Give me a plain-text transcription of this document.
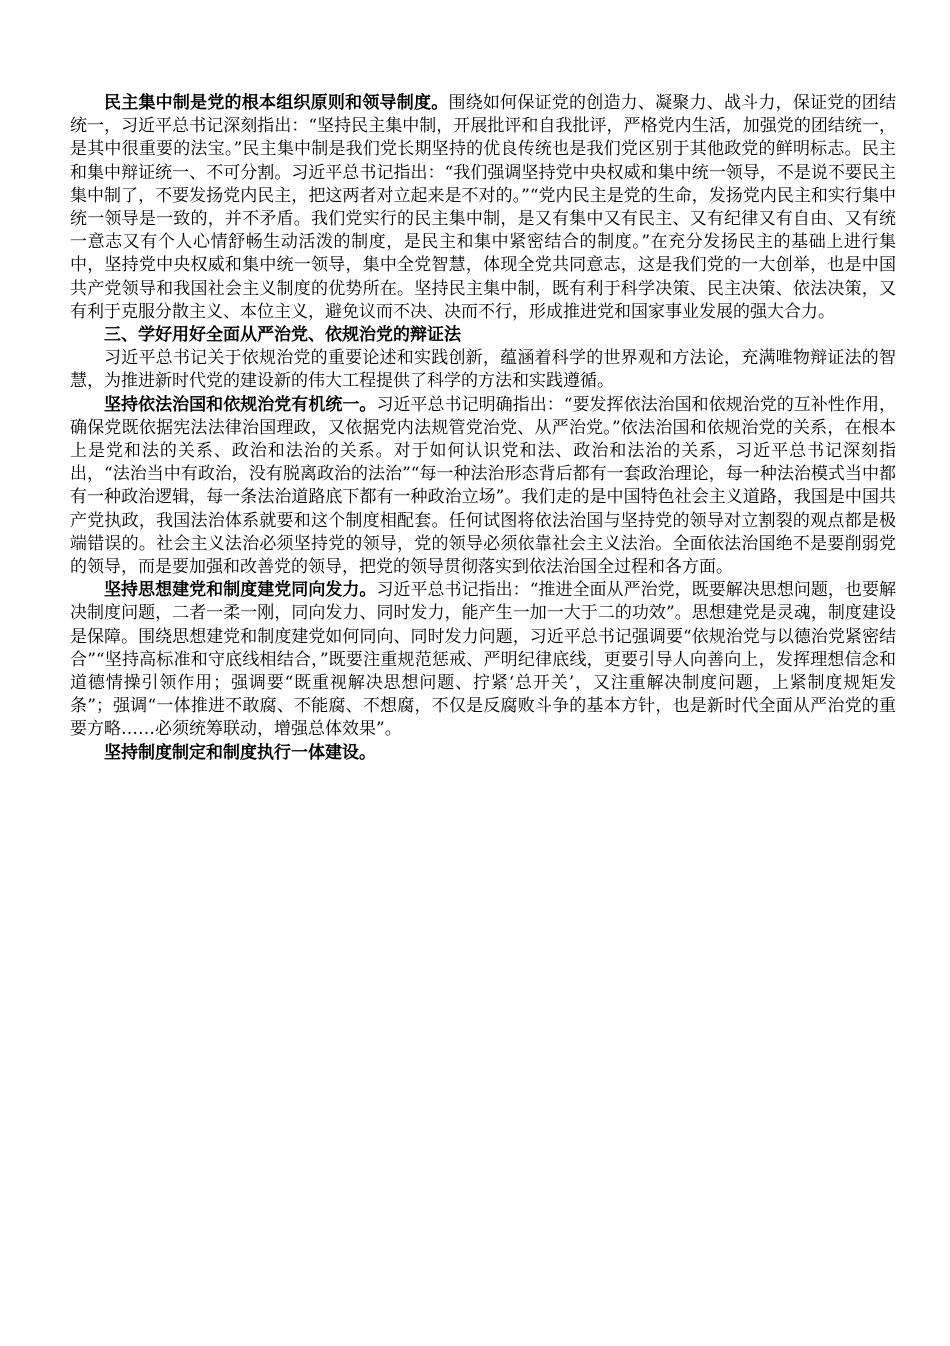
民主集中制是党的根本组织原则和领导制度。围绕如何保证党的创造力、凝聚力、战斗力，保证党的团结统一，习近平总书记深刻指出：“坚持民主集中制，开展批评和自我批评，严格党内生活，加强党的团结统一，是其中很重要的法宝。”民主集中制是我们党长期坚持的优良传统也是我们党区别于其他政党的鲜明标志。民主和集中辩证统一、不可分割。习近平总书记指出：“我们强调坚持党中央权威和集中统一领导，不是说不要民主集中制了，不要发扬党内民主，把这两者对立起来是不对的。”“党内民主是党的生命，发扬党内民主和实行集中统一领导是一致的，并不矛盾。我们党实行的民主集中制，是又有集中又有民主、又有纪律又有自由、又有统一意志又有个人心情舒畅生动活泼的制度，是民主和集中紧密结合的制度。”在充分发扬民主的基础上进行集中，坚持党中央权威和集中统一领导，集中全党智慧，体现全党共同意志，这是我们党的一大创举，也是中国共产党领导和我国社会主义制度的优势所在。坚持民主集中制，既有利于科学决策、民主决策、依法决策，又有利于克服分散主义、本位主义，避免议而不决、决而不行，形成推进党和国家事业发展的强大合力。

三、学好用好全面从严治党、依规治党的辩证法

习近平总书记关于依规治党的重要论述和实践创新，蕴涵着科学的世界观和方法论，充满唯物辩证法的智慧，为推进新时代党的建设新的伟大工程提供了科学的方法和实践遵循。

坚持依法治国和依规治党有机统一。习近平总书记明确指出：“要发挥依法治国和依规治党的互补性作用，确保党既依据宪法法律治国理政，又依据党内法规管党治党、从严治党。”依法治国和依规治党的关系，在根本上是党和法的关系、政治和法治的关系。对于如何认识党和法、政治和法治的关系，习近平总书记深刻指出，“法治当中有政治，没有脱离政治的法治”“每一种法治形态背后都有一套政治理论，每一种法治模式当中都有一种政治逻辑，每一条法治道路底下都有一种政治立场”。我们走的是中国特色社会主义道路，我国是中国共产党执政，我国法治体系就要和这个制度相配套。任何试图将依法治国与坚持党的领导对立割裂的观点都是极端错误的。社会主义法治必须坚持党的领导，党的领导必须依靠社会主义法治。全面依法治国绝不是要削弱党的领导，而是要加强和改善党的领导，把党的领导贯彻落实到依法治国全过程和各方面。

坚持思想建党和制度建党同向发力。习近平总书记指出：“推进全面从严治党，既要解决思想问题，也要解决制度问题，二者一柔一刚，同向发力、同时发力，能产生一加一大于二的功效”。思想建党是灵魂，制度建设是保障。围绕思想建党和制度建党如何同向、同时发力问题，习近平总书记强调要“依规治党与以德治党紧密结合”“坚持高标准和守底线相结合，”既要注重规范惩戒、严明纪律底线，更要引导人向善向上，发挥理想信念和道德情操引领作用；强调要“既重视解决思想问题、拧紧‘总开关’，又注重解决制度问题，上紧制度规矩发条”；强调“一体推进不敢腐、不能腐、不想腐，不仅是反腐败斗争的基本方针，也是新时代全面从严治党的重要方略……必须统筹联动，增强总体效果”。

坚持制度制定和制度执行一体建设。
